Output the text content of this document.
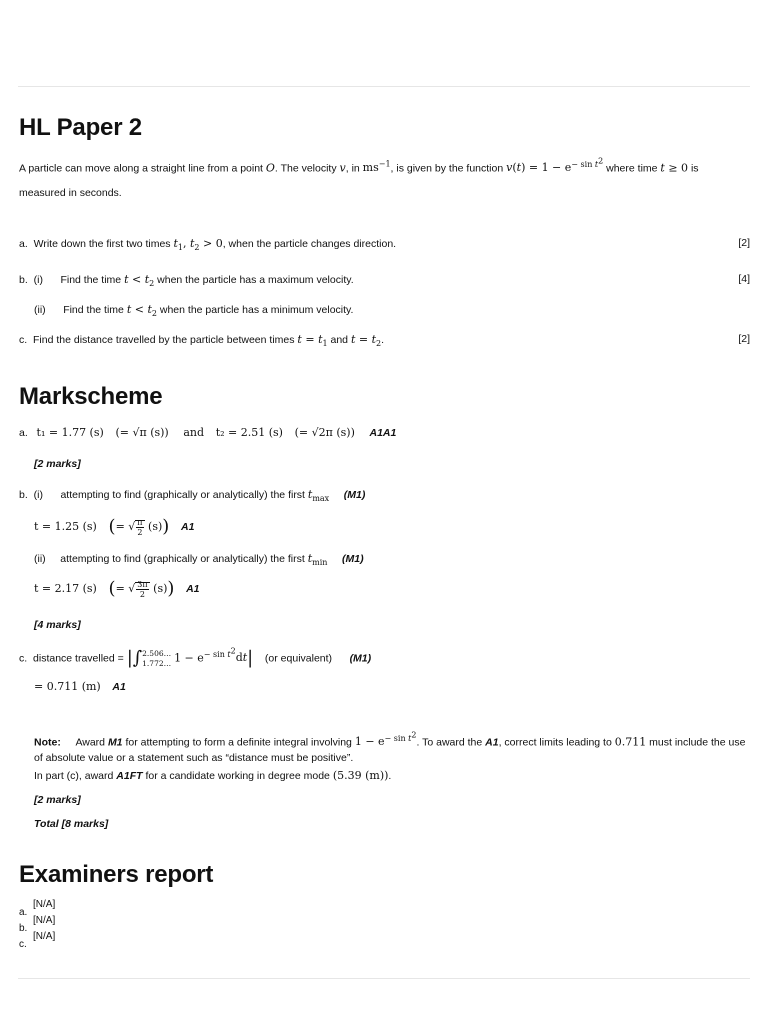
HL Paper 2
A particle can move along a straight line from a point O. The velocity v, in $ms^{-1}$, is given by the function $v(t) = 1 - e^{- sin t^2}$ where time t ≥ 0 is
measured in seconds.
a. Write down the first two times $t_1$, $t_2 > 0$, when the particle changes direction.	[2]
b. (i) Find the time $t < t_2$ when the particle has a maximum velocity.	[4]
(ii) Find the time $t < t_2$ when the particle has a minimum velocity.
c. Find the distance travelled by the particle between times $t = t_1$ and $t = t_2$.	[2]
Markscheme
a. t₁ = 1.77 (s) (= √π (s)) and t₂ = 2.51 (s) (= √2π (s)) A1A1
[2 marks]
b. (i) attempting to find (graphically or analytically) the first $t_{max}$ (M1)
t = 1.25 (s) (= √ $\frac{\pi}{2} (s)$) A1
(ii) attempting to find (graphically or analytically) the first $t_{min}$ (M1)
t = 2.17 (s) (= √ $\frac{3\pi}{2} (s)$) A1
[4 marks]
c. distance travelled = |∫ 2.506…
1.772… $1 - e^{- sin t^2}dt|$ (or equivalent) (M1)
= 0.711 (m) A1
Note: Award M1 for attempting to form a definite integral involving $1 - e^{- sin t^2}$. To award the A1, correct limits leading to 0.711 must include the use of absolute value or a statement such as “distance must be positive”.
In part (c), award A1FT for a candidate working in degree mode (5.39 (m)).
[2 marks]
Total [8 marks]
Examiners report
a.[N/A]
b.[N/A]
c.[N/A]
